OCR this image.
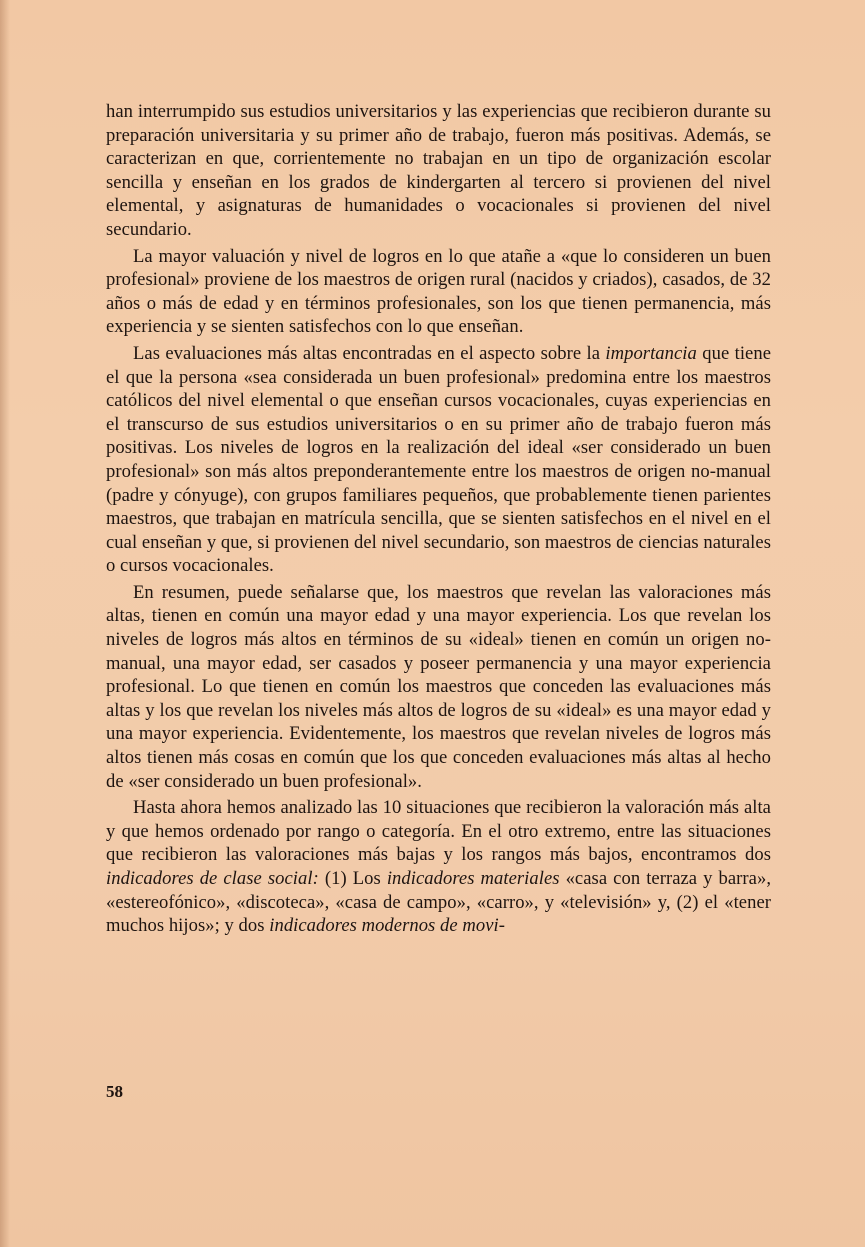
han interrumpido sus estudios universitarios y las experiencias que recibieron durante su preparación universitaria y su primer año de trabajo, fueron más positivas. Además, se caracterizan en que, corrientemente no trabajan en un tipo de organización escolar sencilla y enseñan en los grados de kindergarten al tercero si provienen del nivel elemental, y asignaturas de humanidades o vocacionales si provienen del nivel secundario.

La mayor valuación y nivel de logros en lo que atañe a «que lo consideren un buen profesional» proviene de los maestros de origen rural (nacidos y criados), casados, de 32 años o más de edad y en términos profesionales, son los que tienen permanencia, más experiencia y se sienten satisfechos con lo que enseñan.

Las evaluaciones más altas encontradas en el aspecto sobre la importancia que tiene el que la persona «sea considerada un buen profesional» predomina entre los maestros católicos del nivel elemental o que enseñan cursos vocacionales, cuyas experiencias en el transcurso de sus estudios universitarios o en su primer año de trabajo fueron más positivas. Los niveles de logros en la realización del ideal «ser considerado un buen profesional» son más altos preponderantemente entre los maestros de origen no-manual (padre y cónyuge), con grupos familiares pequeños, que probablemente tienen parientes maestros, que trabajan en matrícula sencilla, que se sienten satisfechos en el nivel en el cual enseñan y que, si provienen del nivel secundario, son maestros de ciencias naturales o cursos vocacionales.

En resumen, puede señalarse que, los maestros que revelan las valoraciones más altas, tienen en común una mayor edad y una mayor experiencia. Los que revelan los niveles de logros más altos en términos de su «ideal» tienen en común un origen no-manual, una mayor edad, ser casados y poseer permanencia y una mayor experiencia profesional. Lo que tienen en común los maestros que conceden las evaluaciones más altas y los que revelan los niveles más altos de logros de su «ideal» es una mayor edad y una mayor experiencia. Evidentemente, los maestros que revelan niveles de logros más altos tienen más cosas en común que los que conceden evaluaciones más altas al hecho de «ser considerado un buen profesional».

Hasta ahora hemos analizado las 10 situaciones que recibieron la valoración más alta y que hemos ordenado por rango o categoría. En el otro extremo, entre las situaciones que recibieron las valoraciones más bajas y los rangos más bajos, encontramos dos indicadores de clase social: (1) Los indicadores materiales «casa con terraza y barra», «estereofónico», «discoteca», «casa de campo», «carro», y «televisión» y, (2) el «tener muchos hijos»; y dos indicadores modernos de movi-

58
